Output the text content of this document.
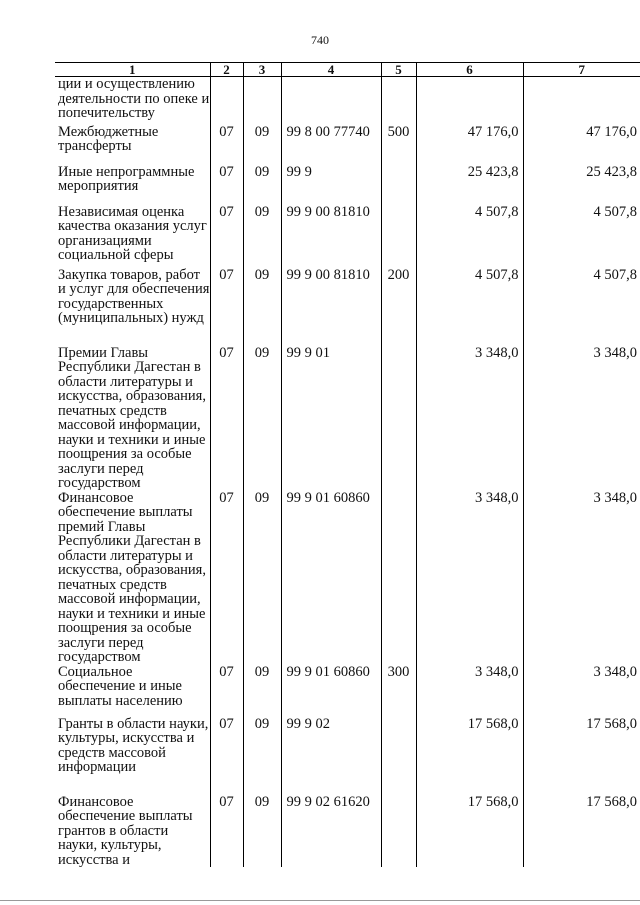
740
1	2	3	4	5	6	7
ции и осуществлению деятельности по опеке и попечительству						
Межбюджетные трансферты	07	09	99 8 00 77740	500	47 176,0	47 176,0
Иные непрограммные мероприятия	07	09	99 9		25 423,8	25 423,8
Независимая оценка качества оказания услуг организациями социальной сферы	07	09	99 9 00 81810		4 507,8	4 507,8
Закупка товаров, работ и услуг для обеспечения государственных (муниципальных) нужд	07	09	99 9 00 81810	200	4 507,8	4 507,8
Премии Главы Республики Дагестан в области литературы и искусства, образования, печатных средств массовой информации, науки и техники и иные поощрения за особые заслуги перед государством	07	09	99 9 01		3 348,0	3 348,0
Финансовое обеспечение выплаты премий Главы Республики Дагестан в области литературы и искусства, образования, печатных средств массовой информации, науки и техники и иные поощрения за особые заслуги перед государством	07	09	99 9 01 60860		3 348,0	3 348,0
Социальное обеспечение и иные выплаты населению	07	09	99 9 01 60860	300	3 348,0	3 348,0
Гранты в области науки, культуры, искусства и средств массовой информации	07	09	99 9 02		17 568,0	17 568,0
Финансовое обеспечение выплаты грантов в области науки, культуры, искусства и	07	09	99 9 02 61620		17 568,0	17 568,0
